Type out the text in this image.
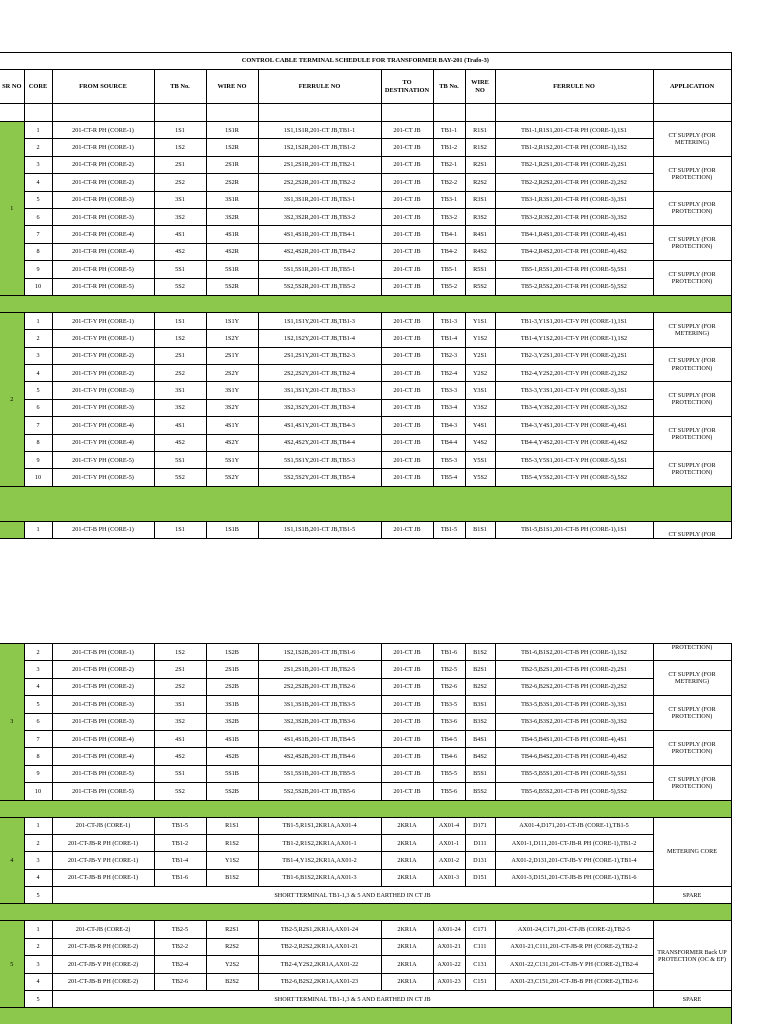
CONTROL CABLE TERMINAL SCHEDULE FOR TRANSFORMER BAY-201 (Trafo-3)										
SR NO	CORE	FROM SOURCE	TB No.	WIRE NO	FERRULE NO	TO DESTINATION	TB No.	WIRE NO	FERRULE NO	APPLICATION

1	1	201-CT-R PH (CORE-1)	1S1	1S1R	1S1,1S1R,201-CT JB,TB1-1	201-CT JB	TB1-1	R1S1	TB1-1,R1S1,201-CT-R PH (CORE-1),1S1	CT SUPPLY (FOR METERING)
	2	201-CT-R PH (CORE-1)	1S2	1S2R	1S2,1S2R,201-CT JB,TB1-2	201-CT JB	TB1-2	R1S2	TB1-2,R1S2,201-CT-R PH (CORE-1),1S2	
	3	201-CT-R PH (CORE-2)	2S1	2S1R	2S1,2S1R,201-CT JB,TB2-1	201-CT JB	TB2-1	R2S1	TB2-1,R2S1,201-CT-R PH (CORE-2),2S1	CT SUPPLY (FOR PROTECTION)
	4	201-CT-R PH (CORE-2)	2S2	2S2R	2S2,2S2R,201-CT JB,TB2-2	201-CT JB	TB2-2	R2S2	TB2-2,R2S2,201-CT-R PH (CORE-2),2S2	
	5	201-CT-R PH (CORE-3)	3S1	3S1R	3S1,3S1R,201-CT JB,TB3-1	201-CT JB	TB3-1	R3S1	TB3-1,R3S1,201-CT-R PH (CORE-3),3S1	CT SUPPLY (FOR PROTECTION)
	6	201-CT-R PH (CORE-3)	3S2	3S2R	3S2,3S2R,201-CT JB,TB3-2	201-CT JB	TB3-2	R3S2	TB3-2,R3S2,201-CT-R PH (CORE-3),3S2	
	7	201-CT-R PH (CORE-4)	4S1	4S1R	4S1,4S1R,201-CT JB,TB4-1	201-CT JB	TB4-1	R4S1	TB4-1,R4S1,201-CT-R PH (CORE-4),4S1	CT SUPPLY (FOR PROTECTION)
	8	201-CT-R PH (CORE-4)	4S2	4S2R	4S2,4S2R,201-CT JB,TB4-2	201-CT JB	TB4-2	R4S2	TB4-2,R4S2,201-CT-R PH (CORE-4),4S2	
	9	201-CT-R PH (CORE-5)	5S1	5S1R	5S1,5S1R,201-CT JB,TB5-1	201-CT JB	TB5-1	R5S1	TB5-1,R5S1,201-CT-R PH (CORE-5),5S1	CT SUPPLY (FOR PROTECTION)
	10	201-CT-R PH (CORE-5)	5S2	5S2R	5S2,5S2R,201-CT JB,TB5-2	201-CT JB	TB5-2	R5S2	TB5-2,R5S2,201-CT-R PH (CORE-5),5S2	

2	1	201-CT-Y PH (CORE-1)	1S1	1S1Y	1S1,1S1Y,201-CT JB,TB1-3	201-CT JB	TB1-3	Y1S1	TB1-3,Y1S1,201-CT-Y PH (CORE-1),1S1	CT SUPPLY (FOR METERING)
	2	201-CT-Y PH (CORE-1)	1S2	1S2Y	1S2,1S2Y,201-CT JB,TB1-4	201-CT JB	TB1-4	Y1S2	TB1-4,Y1S2,201-CT-Y PH (CORE-1),1S2	
	3	201-CT-Y PH (CORE-2)	2S1	2S1Y	2S1,2S1Y,201-CT JB,TB2-3	201-CT JB	TB2-3	Y2S1	TB2-3,Y2S1,201-CT-Y PH (CORE-2),2S1	CT SUPPLY (FOR PROTECTION)
	4	201-CT-Y PH (CORE-2)	2S2	2S2Y	2S2,2S2Y,201-CT JB,TB2-4	201-CT JB	TB2-4	Y2S2	TB2-4,Y2S2,201-CT-Y PH (CORE-2),2S2	
	5	201-CT-Y PH (CORE-3)	3S1	3S1Y	3S1,3S1Y,201-CT JB,TB3-3	201-CT JB	TB3-3	Y3S1	TB3-3,Y3S1,201-CT-Y PH (CORE-3),3S1	CT SUPPLY (FOR PROTECTION)
	6	201-CT-Y PH (CORE-3)	3S2	3S2Y	3S2,3S2Y,201-CT JB,TB3-4	201-CT JB	TB3-4	Y3S2	TB3-4,Y3S2,201-CT-Y PH (CORE-3),3S2	
	7	201-CT-Y PH (CORE-4)	4S1	4S1Y	4S1,4S1Y,201-CT JB,TB4-3	201-CT JB	TB4-3	Y4S1	TB4-3,Y4S1,201-CT-Y PH (CORE-4),4S1	CT SUPPLY (FOR PROTECTION)
	8	201-CT-Y PH (CORE-4)	4S2	4S2Y	4S2,4S2Y,201-CT JB,TB4-4	201-CT JB	TB4-4	Y4S2	TB4-4,Y4S2,201-CT-Y PH (CORE-4),4S2	
	9	201-CT-Y PH (CORE-5)	5S1	5S1Y	5S1,5S1Y,201-CT JB,TB5-3	201-CT JB	TB5-3	Y5S1	TB5-3,Y5S1,201-CT-Y PH (CORE-5),5S1	CT SUPPLY (FOR PROTECTION)
	10	201-CT-Y PH (CORE-5)	5S2	5S2Y	5S2,5S2Y,201-CT JB,TB5-4	201-CT JB	TB5-4	Y5S2	TB5-4,Y5S2,201-CT-Y PH (CORE-5),5S2	

	1	201-CT-B PH (CORE-1)	1S1	1S1B	1S1,1S1B,201-CT JB,TB1-5	201-CT JB	TB1-5	B1S1	TB1-5,B1S1,201-CT-B PH (CORE-1),1S1	CT SUPPLY (FOR
3	2	201-CT-B PH (CORE-1)	1S2	1S2B	1S2,1S2B,201-CT JB,TB1-6	201-CT JB	TB1-6	B1S2	TB1-6,B1S2,201-CT-B PH (CORE-1),1S2	PROTECTION)
	3	201-CT-B PH (CORE-2)	2S1	2S1B	2S1,2S1B,201-CT JB,TB2-5	201-CT JB	TB2-5	B2S1	TB2-5,B2S1,201-CT-B PH (CORE-2),2S1	CT SUPPLY (FOR METERING)
	4	201-CT-B PH (CORE-2)	2S2	2S2B	2S2,2S2B,201-CT JB,TB2-6	201-CT JB	TB2-6	B2S2	TB2-6,B2S2,201-CT-B PH (CORE-2),2S2	
	5	201-CT-B PH (CORE-3)	3S1	3S1B	3S1,3S1B,201-CT JB,TB3-5	201-CT JB	TB3-5	B3S1	TB3-5,B3S1,201-CT-B PH (CORE-3),3S1	CT SUPPLY (FOR PROTECTION)
	6	201-CT-B PH (CORE-3)	3S2	3S2B	3S2,3S2B,201-CT JB,TB3-6	201-CT JB	TB3-6	B3S2	TB3-6,B3S2,201-CT-B PH (CORE-3),3S2	
	7	201-CT-B PH (CORE-4)	4S1	4S1B	4S1,4S1B,201-CT JB,TB4-5	201-CT JB	TB4-5	B4S1	TB4-5,B4S1,201-CT-B PH (CORE-4),4S1	CT SUPPLY (FOR PROTECTION)
	8	201-CT-B PH (CORE-4)	4S2	4S2B	4S2,4S2B,201-CT JB,TB4-6	201-CT JB	TB4-6	B4S2	TB4-6,B4S2,201-CT-B PH (CORE-4),4S2	
	9	201-CT-B PH (CORE-5)	5S1	5S1B	5S1,5S1B,201-CT JB,TB5-5	201-CT JB	TB5-5	B5S1	TB5-5,B5S1,201-CT-B PH (CORE-5),5S1	CT SUPPLY (FOR PROTECTION)
	10	201-CT-B PH (CORE-5)	5S2	5S2B	5S2,5S2B,201-CT JB,TB5-6	201-CT JB	TB5-6	B5S2	TB5-6,B5S2,201-CT-B PH (CORE-5),5S2	

4	1	201-CT-JB (CORE-1)	TB1-5	R1S1	TB1-5,R1S1,2KR1A,AX01-4	2KR1A	AX01-4	D171	AX01-4,D171,201-CT-JB (CORE-1),TB1-5	METERING CORE
	2	201-CT-JB-R PH (CORE-1)	TB1-2	R1S2	TB1-2,R1S2,2KR1A,AX01-1	2KR1A	AX01-1	D111	AX01-1,D111,201-CT-JB-R PH (CORE-1),TB1-2	
	3	201-CT-JB-Y PH (CORE-1)	TB1-4	Y1S2	TB1-4,Y1S2,2KR1A,AX01-2	2KR1A	AX01-2	D131	AX01-2,D131,201-CT-JB-Y PH (CORE-1),TB1-4	
	4	201-CT-JB-B PH (CORE-1)	TB1-6	B1S2	TB1-6,B1S2,2KR1A,AX01-3	2KR1A	AX01-3	D151	AX01-3,D151,201-CT-JB-B PH (CORE-1),TB1-6	
	5	SHORT TERMINAL TB1-1,3 & 5 AND EARTHED IN CT JB								SPARE

5	1	201-CT-JB (CORE-2)	TB2-5	R2S1	TB2-5,R2S1,2KR1A,AX01-24	2KR1A	AX01-24	C171	AX01-24,C171,201-CT-JB (CORE-2),TB2-5	TRANSFORMER Back UP PROTECTION (OC & EF)
	2	201-CT-JB-R PH (CORE-2)	TB2-2	R2S2	TB2-2,R2S2,2KR1A,AX01-21	2KR1A	AX01-21	C111	AX01-21,C111,201-CT-JB-R PH (CORE-2),TB2-2	
	3	201-CT-JB-Y PH (CORE-2)	TB2-4	Y2S2	TB2-4,Y2S2,2KR1A,AX01-22	2KR1A	AX01-22	C131	AX01-22,C131,201-CT-JB-Y PH (CORE-2),TB2-4	
	4	201-CT-JB-B PH (CORE-2)	TB2-6	B2S2	TB2-6,B2S2,2KR1A,AX01-23	2KR1A	AX01-23	C151	AX01-23,C151,201-CT-JB-B PH (CORE-2),TB2-6	
	5	SHORT TERMINAL TB1-1,3 & 5 AND EARTHED IN CT JB								SPARE
